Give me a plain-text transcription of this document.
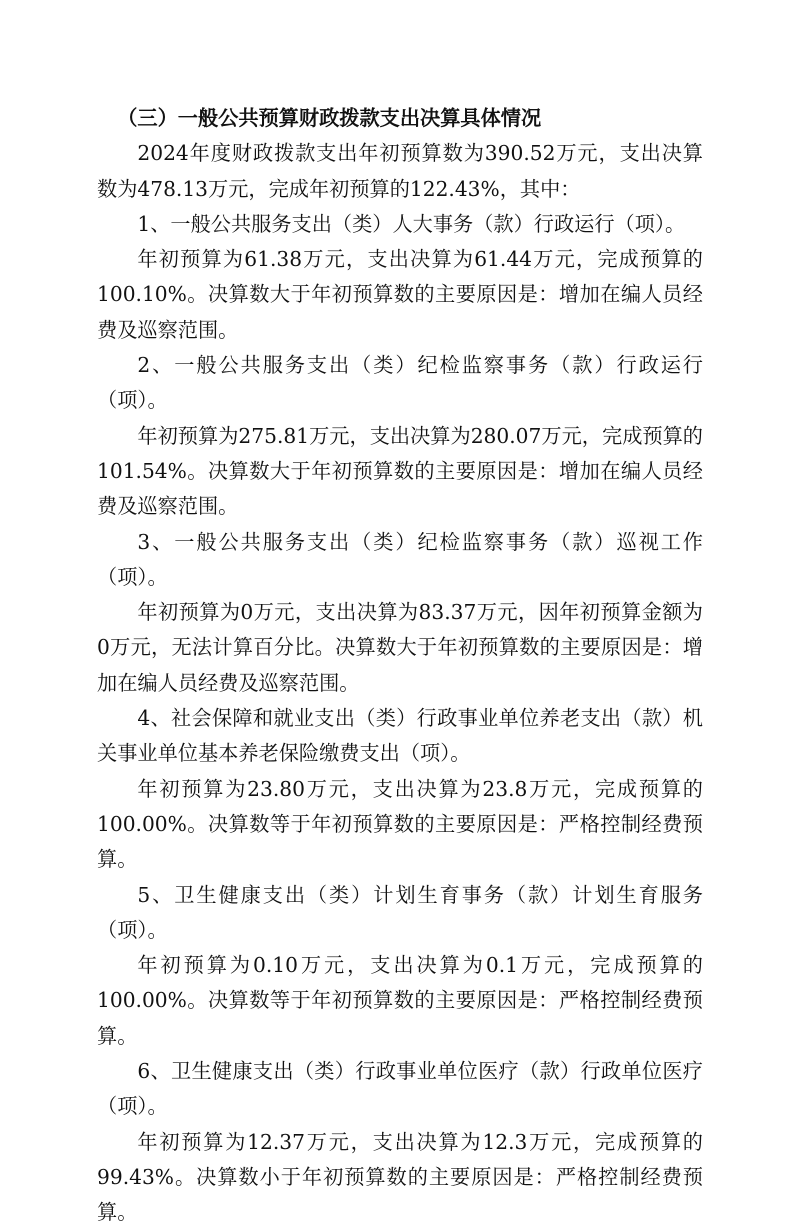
（三）一般公共预算财政拨款支出决算具体情况

2024年度财政拨款支出年初预算数为390.52万元，支出决算数为478.13万元，完成年初预算的122.43%，其中：

1、一般公共服务支出（类）人大事务（款）行政运行（项）。

年初预算为61.38万元，支出决算为61.44万元，完成预算的100.10%。决算数大于年初预算数的主要原因是：增加在编人员经费及巡察范围。

2、一般公共服务支出（类）纪检监察事务（款）行政运行（项）。

年初预算为275.81万元，支出决算为280.07万元，完成预算的101.54%。决算数大于年初预算数的主要原因是：增加在编人员经费及巡察范围。

3、一般公共服务支出（类）纪检监察事务（款）巡视工作（项）。

年初预算为0万元，支出决算为83.37万元，因年初预算金额为0万元，无法计算百分比。决算数大于年初预算数的主要原因是：增加在编人员经费及巡察范围。

4、社会保障和就业支出（类）行政事业单位养老支出（款）机关事业单位基本养老保险缴费支出（项）。

年初预算为23.80万元，支出决算为23.8万元，完成预算的100.00%。决算数等于年初预算数的主要原因是：严格控制经费预算。

5、卫生健康支出（类）计划生育事务（款）计划生育服务（项）。

年初预算为0.10万元，支出决算为0.1万元，完成预算的100.00%。决算数等于年初预算数的主要原因是：严格控制经费预算。

6、卫生健康支出（类）行政事业单位医疗（款）行政单位医疗（项）。

年初预算为12.37万元，支出决算为12.3万元，完成预算的99.43%。决算数小于年初预算数的主要原因是：严格控制经费预算。
